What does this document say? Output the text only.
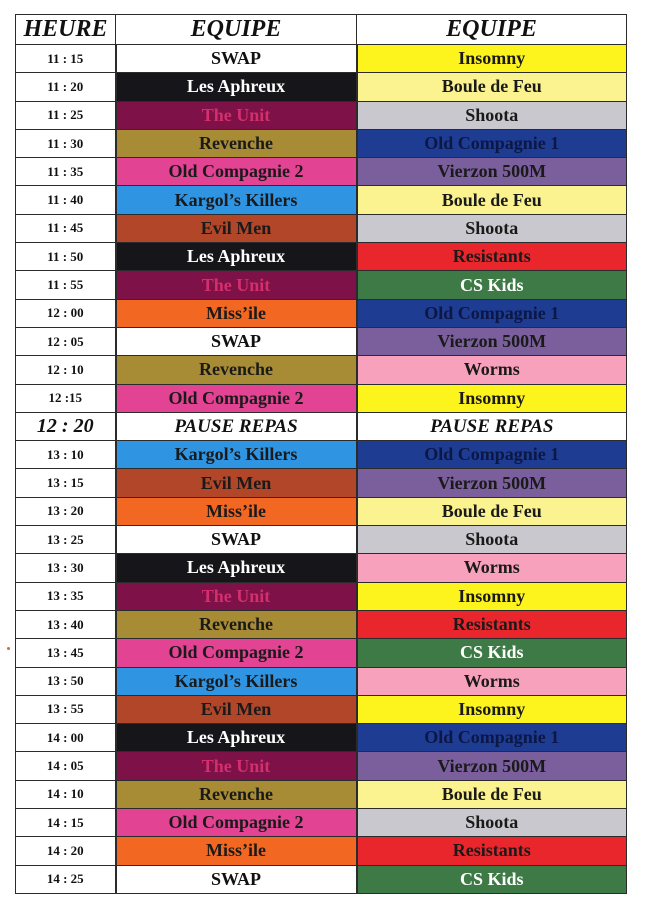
HEURE	EQUIPE	EQUIPE
11 : 15	SWAP	Insomny
11 : 20	Les Aphreux	Boule de Feu
11 : 25	The Unit	Shoota
11 : 30	Revenche	Old Compagnie 1
11 : 35	Old Compagnie 2	Vierzon 500M
11 : 40	Kargol’s Killers	Boule de Feu
11 : 45	Evil Men	Shoota
11 : 50	Les Aphreux	Resistants
11 : 55	The Unit	CS Kids
12 : 00	Miss’ile	Old Compagnie 1
12 : 05	SWAP	Vierzon 500M
12 : 10	Revenche	Worms
12 :15	Old Compagnie 2	Insomny
12 : 20	PAUSE REPAS	PAUSE REPAS
13 : 10	Kargol’s Killers	Old Compagnie 1
13 : 15	Evil Men	Vierzon 500M
13 : 20	Miss’ile	Boule de Feu
13 : 25	SWAP	Shoota
13 : 30	Les Aphreux	Worms
13 : 35	The Unit	Insomny
13 : 40	Revenche	Resistants
13 : 45	Old Compagnie 2	CS Kids
13 : 50	Kargol’s Killers	Worms
13 : 55	Evil Men	Insomny
14 : 00	Les Aphreux	Old Compagnie 1
14 : 05	The Unit	Vierzon 500M
14 : 10	Revenche	Boule de Feu
14 : 15	Old Compagnie 2	Shoota
14 : 20	Miss’ile	Resistants
14 : 25	SWAP	CS Kids
